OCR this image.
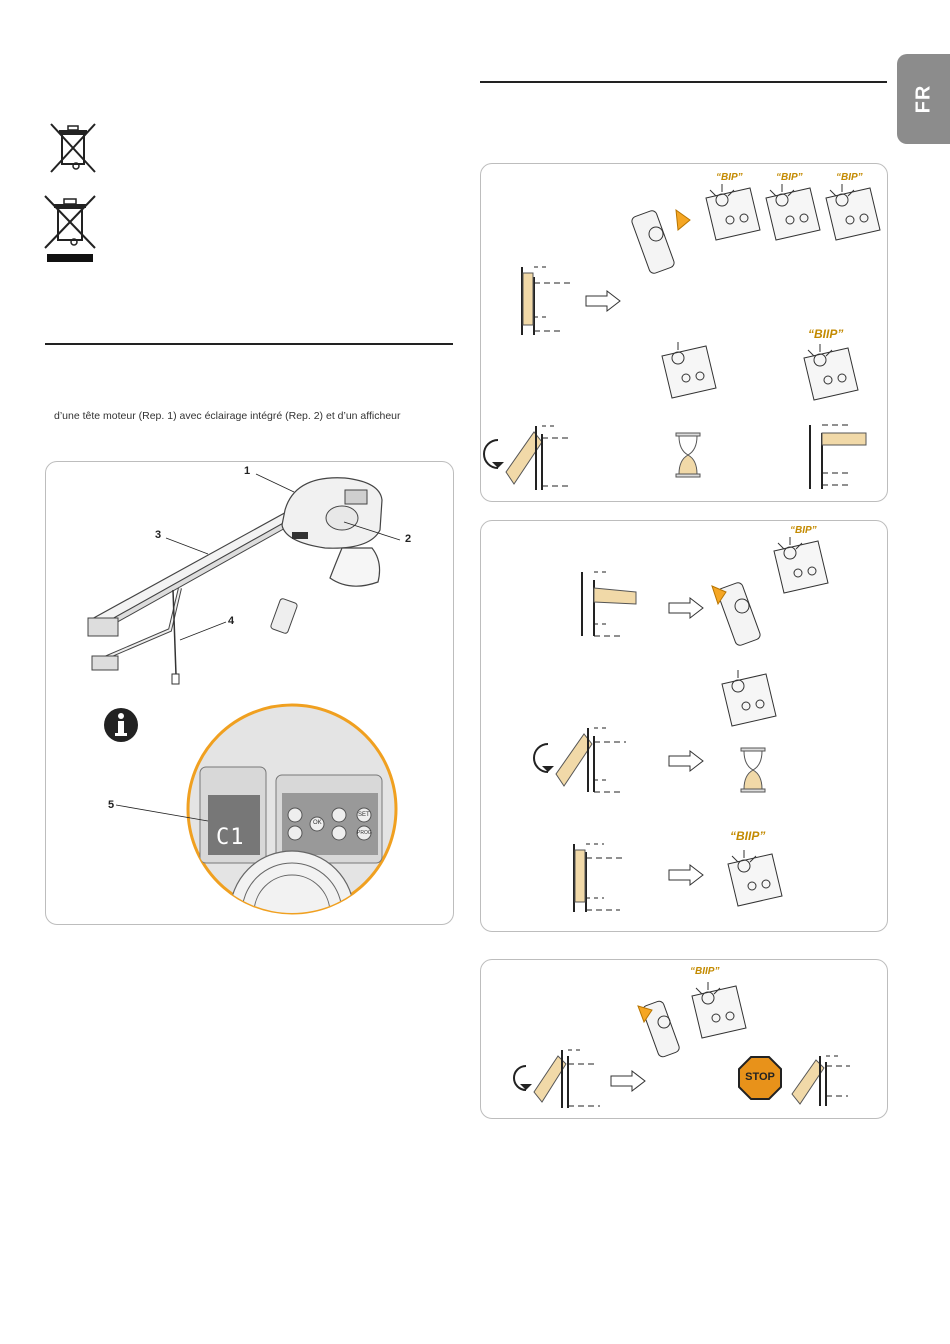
FR
d’une tête moteur (Rep. 1) avec éclairage intégré (Rep. 2) et d’un afficheur
1
2
3
4
5
C1
OK
SET
PROG
“BIP”	“BIP”	“BIP”
“BIIP”
“BIP”
“BIIP”
“BIIP”
STOP
